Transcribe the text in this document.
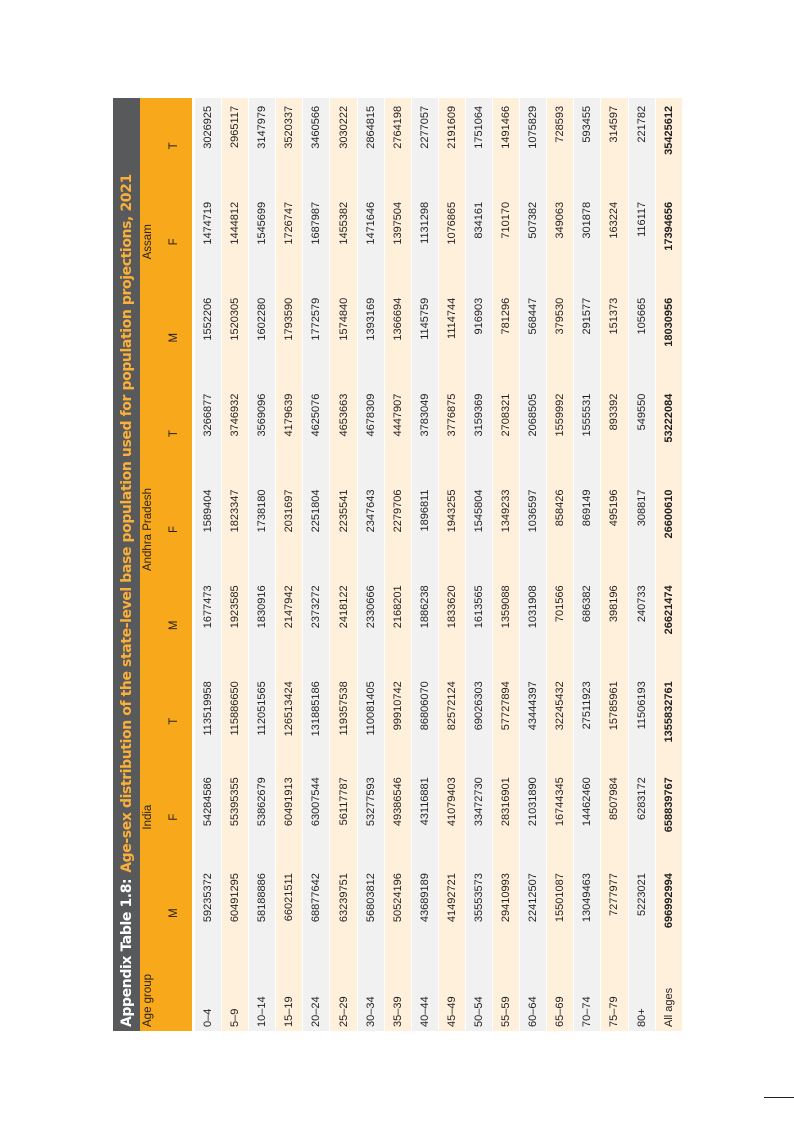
Appendix Table 1.8:
Age-sex distribution of the state-level base population used for population projections, 2021
Age group	India			Andhra Pradesh			Assam		
	M	F	T	M	F	T	M	F	T
0–4	59235372	54284586	113519958	1677473	1589404	3266877	1552206	1474719	3026925
5–9	60491295	55395355	115886650	1923585	1823347	3746932	1520305	1444812	2965117
10–14	58188886	53862679	112051565	1830916	1738180	3569096	1602280	1545699	3147979
15–19	66021511	60491913	126513424	2147942	2031697	4179639	1793590	1726747	3520337
20–24	68877642	63007544	131885186	2373272	2251804	4625076	1772579	1687987	3460566
25–29	63239751	56117787	119357538	2418122	2235541	4653663	1574840	1455382	3030222
30–34	56803812	53277593	110081405	2330666	2347643	4678309	1393169	1471646	2864815
35–39	50524196	49386546	99910742	2168201	2279706	4447907	1366694	1397504	2764198
40–44	43689189	43116881	86806070	1886238	1896811	3783049	1145759	1131298	2277057
45–49	41492721	41079403	82572124	1833620	1943255	3776875	1114744	1076865	2191609
50–54	35553573	33472730	69026303	1613565	1545804	3159369	916903	834161	1751064
55–59	29410993	28316901	57727894	1359088	1349233	2708321	781296	710170	1491466
60–64	22412507	21031890	43444397	1031908	1036597	2068505	568447	507382	1075829
65–69	15501087	16744345	32245432	701566	858426	1559992	379530	349063	728593
70–74	13049463	14462460	27511923	686382	869149	1555531	291577	301878	593455
75–79	7277977	8507984	15785961	398196	495196	893392	151373	163224	314597
80+	5223021	6283172	11506193	240733	308817	549550	105665	116117	221782
All ages	696992994	658839767	1355832761	26621474	26600610	53222084	18030956	17394656	35425612
